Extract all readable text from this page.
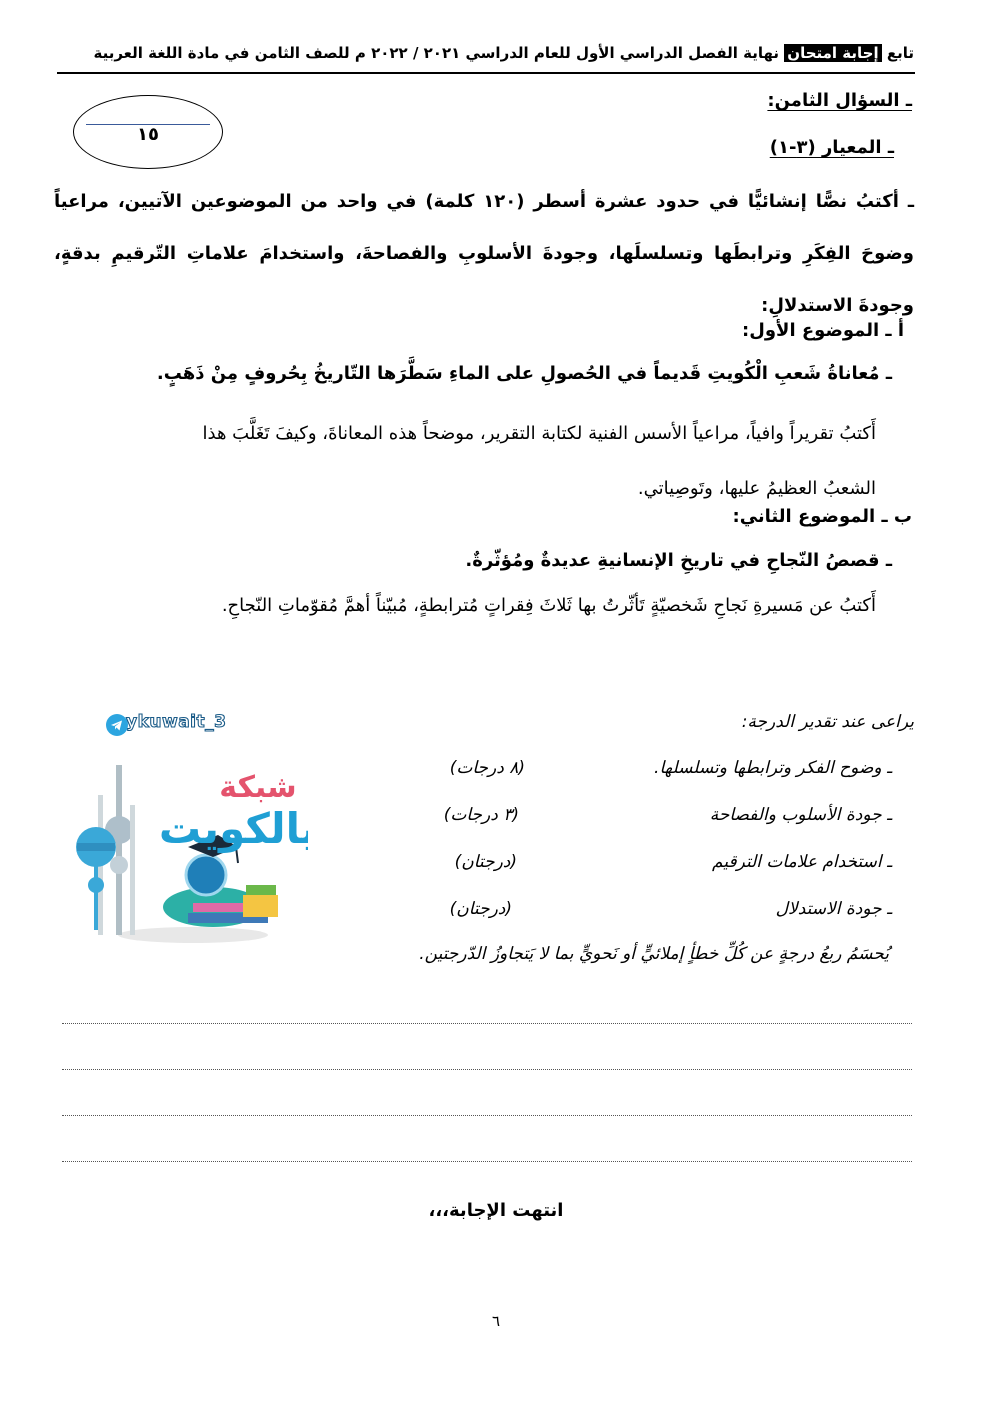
تابع إجابة امتحان نهاية الفصل الدراسي الأول للعام الدراسي ٢٠٢١ / ٢٠٢٢ م للصف الثامن في مادة اللغة العربية
ـ السؤال الثامن:
ـ المعيار (٣-١)
١٥
ـ أكتبُ نصًّا إنشائيًّا في حدود عشرة أسطر (١٢٠ كلمة) في واحد من الموضوعين الآتيين، مراعياً وضوحَ الفِكَرِ وترابطَها وتسلسلَها، وجودةَ الأسلوبِ والفصاحةَ، واستخدامَ علاماتِ التّرقيمِ بدقةٍ، وجودةَ الاستدلالِ:
أ ـ الموضوع الأول:
ـ مُعاناةُ شَعبِ الْكُويتِ قَديماً في الحُصولِ على الماءِ سَطَّرَها التّاريخُ بِحُروفٍ مِنْ ذَهَبٍ.
أَكتبُ تقريراً وافياً، مراعياً الأسس الفنية لكتابة التقرير، موضحاً هذه المعاناةَ، وكيفَ تَغَلَّبَ هذا
الشعبُ العظيمُ عليها، وتَوصِياتي.
ب ـ الموضوع الثاني:
ـ قصصُ النّجاحِ في تاريخِ الإنسانيةِ عديدةٌ ومُؤثّرةٌ.
أَكتبُ عن مَسيرةِ نَجاحِ شَخصيّةٍ تَأثّرتُ بها ثَلاثَ فِقراتٍ مُترابطةٍ، مُبيّناً أهمَّ مُقوّماتِ النّجاحِ.
يراعى عند تقدير الدرجة:
ـ وضوح الفكر وترابطها وتسلسلها.
(٨ درجات)
ـ جودة الأسلوب والفصاحة
(٣ درجات)
ـ استخدام علامات الترقيم
(درجتان)
ـ جودة الاستدلال
(درجتان)
يُحسَمُ ربعُ درجةٍ عن كُلِّ خطأٍ إملائيٍّ أو نَحويٍّ بما لا يَتجاوزُ الدّرجتين.
ykuwait_3
شبكة
يالكويت
انتهت الإجابة،،،
٦
